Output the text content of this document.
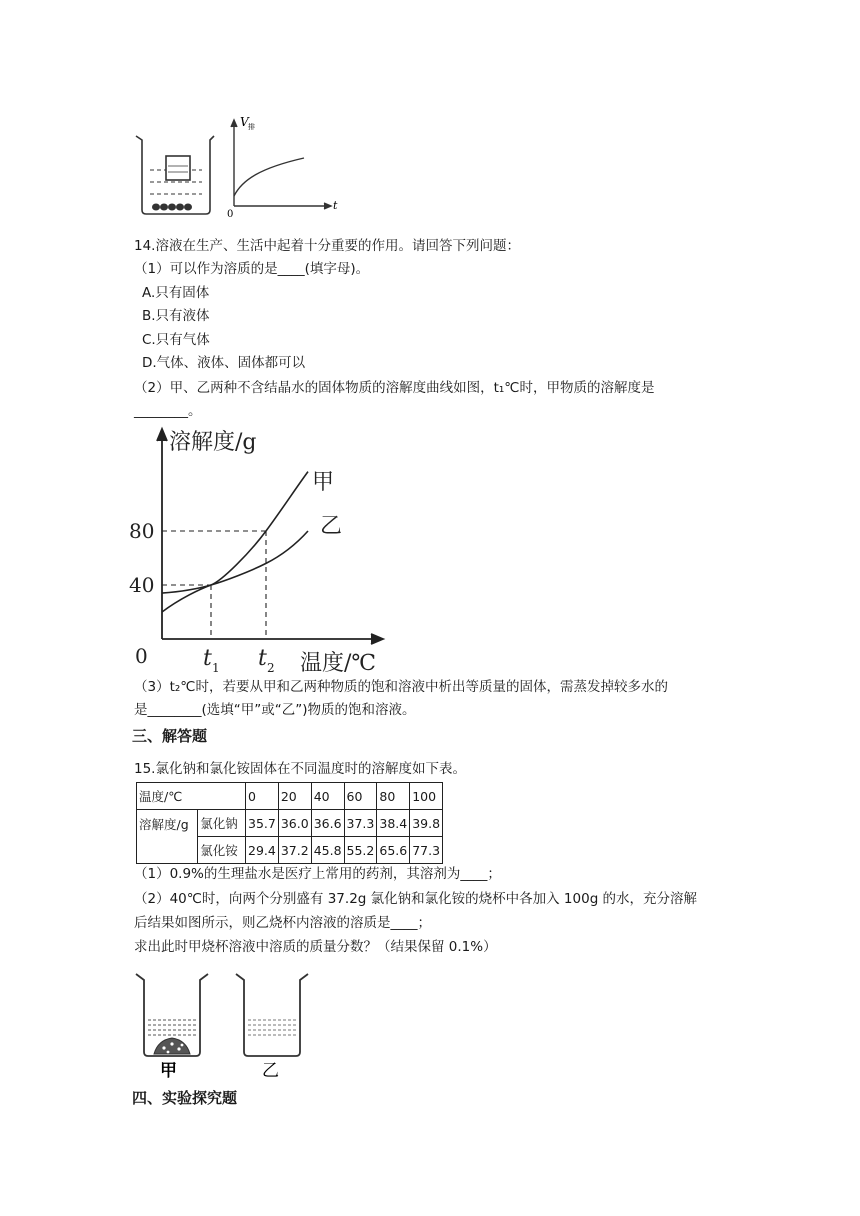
V 排
t
0
14.溶液在生产、生活中起着十分重要的作用。请回答下列问题：
（1）可以作为溶质的是____(填字母)。
A.只有固体
B.只有液体
C.只有气体
D.气体、液体、固体都可以
（2）甲、乙两种不含结晶水的固体物质的溶解度曲线如图，t₁℃时，甲物质的溶解度是
________。
溶解度/g
温度/℃
0
40
80
t 1 t 2
甲
乙
（3）t₂℃时，若要从甲和乙两种物质的饱和溶液中析出等质量的固体，需蒸发掉较多水的
是________(选填“甲”或“乙”)物质的饱和溶液。
三、解答题
15.氯化钠和氯化铵固体在不同温度时的溶解度如下表。
温度/℃		0	20	40	60	80	100
溶解度/g	氯化钠	35.7	36.0	36.6	37.3	38.4	39.8
	氯化铵	29.4	37.2	45.8	55.2	65.6	77.3
（1）0.9%的生理盐水是医疗上常用的药剂，其溶剂为____；
（2）40℃时，向两个分别盛有 37.2g 氯化钠和氯化铵的烧杯中各加入 100g 的水，充分溶解
后结果如图所示，则乙烧杯内溶液的溶质是____；
求出此时甲烧杯溶液中溶质的质量分数？（结果保留 0.1%）
甲	乙
四、实验探究题
